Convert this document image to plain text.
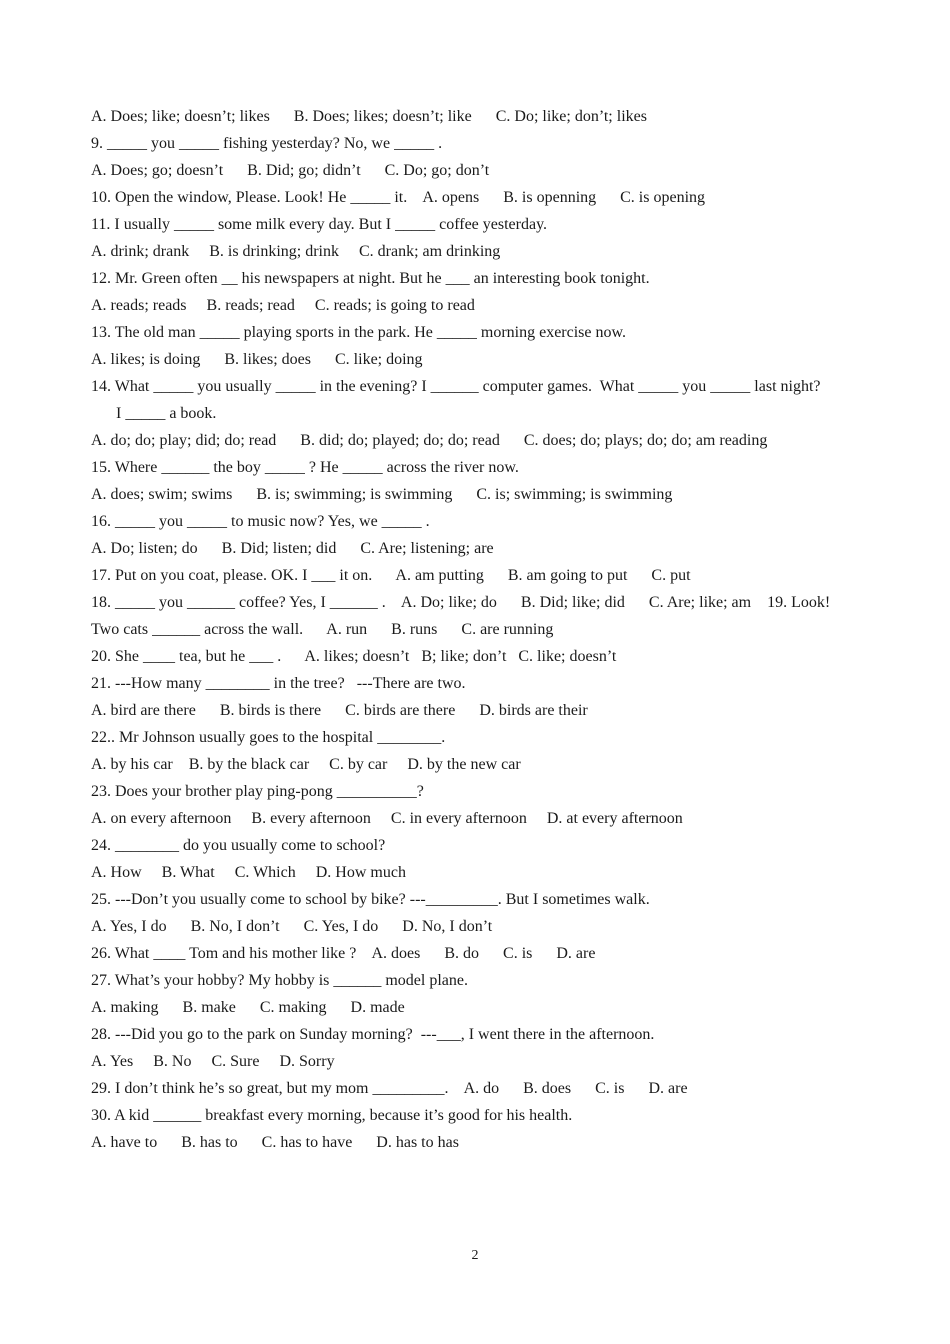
A. Does; like; doesn’t; likes      B. Does; likes; doesn’t; like      C. Do; like; don’t; likes
9. _____ you _____ fishing yesterday? No, we _____ .
A. Does; go; doesn’t      B. Did; go; didn’t      C. Do; go; don’t
10. Open the window, Please. Look! He _____ it.    A. opens      B. is openning      C. is opening
11. I usually _____ some milk every day. But I _____ coffee yesterday.
A. drink; drank     B. is drinking; drink     C. drank; am drinking
12. Mr. Green often __ his newspapers at night. But he ___ an interesting book tonight.
A. reads; reads     B. reads; read     C. reads; is going to read
13. The old man _____ playing sports in the park. He _____ morning exercise now.
A. likes; is doing      B. likes; does      C. like; doing
14. What _____ you usually _____ in the evening? I ______ computer games.  What _____ you _____ last night?
I _____ a book.
A. do; do; play; did; do; read      B. did; do; played; do; do; read      C. does; do; plays; do; do; am reading
15. Where ______ the boy _____ ? He _____ across the river now.
A. does; swim; swims      B. is; swimming; is swimming      C. is; swimming; is swimming
16. _____ you _____ to music now? Yes, we _____ .
A. Do; listen; do      B. Did; listen; did      C. Are; listening; are
17. Put on you coat, please. OK. I ___ it on.      A. am putting      B. am going to put      C. put
18. _____ you ______ coffee? Yes, I ______ .    A. Do; like; do      B. Did; like; did      C. Are; like; am    19. Look!
Two cats ______ across the wall.      A. run      B. runs      C. are running
20. She ____ tea, but he ___ .      A. likes; doesn’t   B; like; don’t   C. like; doesn’t
21. ---How many ________ in the tree?   ---There are two.
A. bird are there      B. birds is there      C. birds are there      D. birds are their
22.. Mr Johnson usually goes to the hospital ________.
A. by his car    B. by the black car     C. by car     D. by the new car
23. Does your brother play ping-pong __________?
A. on every afternoon     B. every afternoon     C. in every afternoon     D. at every afternoon
24. ________ do you usually come to school?
A. How     B. What     C. Which     D. How much
25. ---Don’t you usually come to school by bike? ---_________. But I sometimes walk.
A. Yes, I do      B. No, I don’t      C. Yes, I do      D. No, I don’t
26. What ____ Tom and his mother like ?    A. does      B. do      C. is      D. are
27. What’s your hobby? My hobby is ______ model plane.
A. making      B. make      C. making      D. made
28. ---Did you go to the park on Sunday morning?  ---___, I went there in the afternoon.
A. Yes     B. No     C. Sure     D. Sorry
29. I don’t think he’s so great, but my mom _________.    A. do      B. does      C. is      D. are
30. A kid ______ breakfast every morning, because it’s good for his health.
A. have to      B. has to      C. has to have      D. has to has
2
